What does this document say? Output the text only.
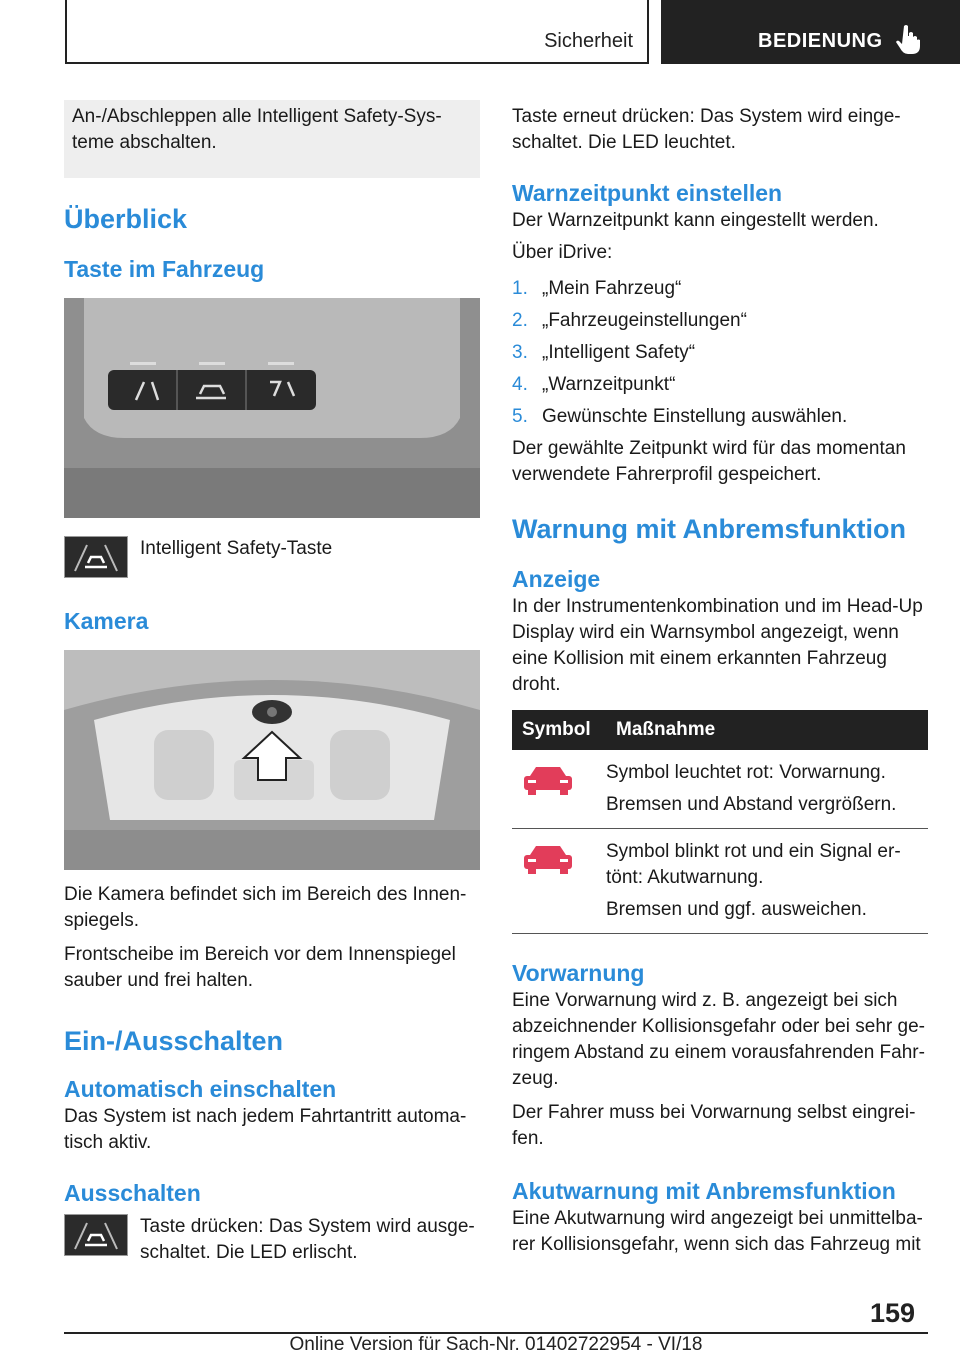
Sicherheit	BEDIENUNG
An-/Abschleppen alle Intelligent Safety-Systeme abschalten.
Überblick
Taste im Fahrzeug
Intelligent Safety-Taste
Kamera

Die Kamera befindet sich im Bereich des Innenspiegels.

Frontscheibe im Bereich vor dem Innenspiegel sauber und frei halten.

Ein-/Ausschalten
Automatisch einschalten

Das System ist nach jedem Fahrtantritt automatisch aktiv.

Ausschalten
Taste drücken: Das System wird ausgeschaltet. Die LED erlischt.

Taste erneut drücken: Das System wird eingeschaltet. Die LED leuchtet.

Warnzeitpunkt einstellen

Der Warnzeitpunkt kann eingestellt werden.

Über iDrive:

1. „Mein Fahrzeug“
2. „Fahrzeugeinstellungen“
3. „Intelligent Safety“
4. „Warnzeitpunkt“
5. Gewünschte Einstellung auswählen.

Der gewählte Zeitpunkt wird für das momentan verwendete Fahrerprofil gespeichert.

Warnung mit Anbremsfunktion
Anzeige

In der Instrumentenkombination und im Head-Up Display wird ein Warnsymbol angezeigt, wenn eine Kollision mit einem erkannten Fahrzeug droht.

Symbol	Maßnahme

Symbol leuchtet rot: Vorwarnung.
Bremsen und Abstand vergrößern.

Symbol blinkt rot und ein Signal ertönt: Akutwarnung.
Bremsen und ggf. ausweichen.
Vorwarnung

Eine Vorwarnung wird z. B. angezeigt bei sich abzeichnender Kollisionsgefahr oder bei sehr geringem Abstand zu einem vorausfahrenden Fahrzeug.

Der Fahrer muss bei Vorwarnung selbst eingreifen.

Akutwarnung mit Anbremsfunktion

Eine Akutwarnung wird angezeigt bei unmittelbarer Kollisionsgefahr, wenn sich das Fahrzeug mit

159
Online Version für Sach-Nr. 01402722954 - VI/18
